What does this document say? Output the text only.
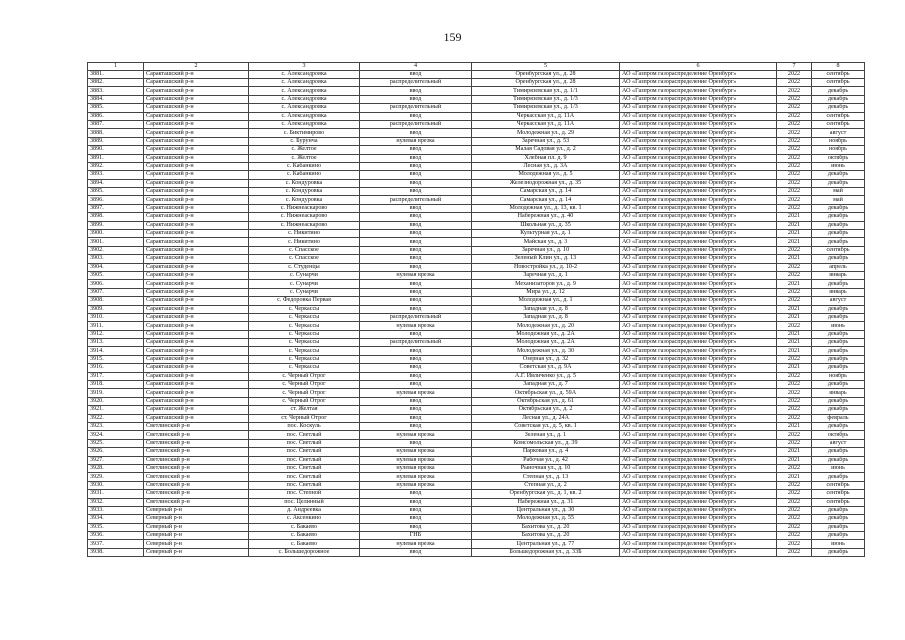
159
1	2	3	4	5	6	7	8
3881.	Саракташский р-н	с. Александровка	ввод	Оренбургская ул., д. 28	АО «Газпром газораспределение Оренбург»	2022	сентябрь
3882.	Саракташский р-н	с. Александровка	распределительный	Оренбургская ул., д. 28	АО «Газпром газораспределение Оренбург»	2022	сентябрь
3883.	Саракташский р-н	с. Александровка	ввод	Тимирязевская ул., д. 1/1	АО «Газпром газораспределение Оренбург»	2022	декабрь
3884.	Саракташский р-н	с. Александровка	ввод	Тимирязевская ул., д. 1/3	АО «Газпром газораспределение Оренбург»	2022	декабрь
3885.	Саракташский р-н	с. Александровка	распределительный	Тимирязевская ул., д. 1/3	АО «Газпром газораспределение Оренбург»	2022	декабрь
3886.	Саракташский р-н	с. Александровка	ввод	Черкасская ул., д. 11А	АО «Газпром газораспределение Оренбург»	2022	сентябрь
3887.	Саракташский р-н	с. Александровка	распределительный	Черкасская ул., д. 11А	АО «Газпром газораспределение Оренбург»	2022	сентябрь
3888.	Саракташский р-н	с. Биктимирово	ввод	Молодежная ул., д. 29	АО «Газпром газораспределение Оренбург»	2022	август
3889.	Саракташский р-н	с. Бурунча	нулевая врезка	Заречная ул., д. 53	АО «Газпром газораспределение Оренбург»	2022	ноябрь
3890.	Саракташский р-н	с. Желтое	ввод	Малая Садовая ул., д. 2	АО «Газпром газораспределение Оренбург»	2022	ноябрь
3891.	Саракташский р-н	с. Желтое	ввод	Хлебная пл. д. 9	АО «Газпром газораспределение Оренбург»	2022	октябрь
3892.	Саракташский р-н	с. Кабанкино	ввод	Лесная ул., д. 3А	АО «Газпром газораспределение Оренбург»	2022	июнь
3893.	Саракташский р-н	с. Кабанкино	ввод	Молодежная ул., д. 5	АО «Газпром газораспределение Оренбург»	2022	декабрь
3894.	Саракташский р-н	с. Кондуровка	ввод	Железнодорожная ул., д. 35	АО «Газпром газораспределение Оренбург»	2022	декабрь
3895.	Саракташский р-н	с. Кондуровка	ввод	Самарская ул., д. 14	АО «Газпром газораспределение Оренбург»	2022	май
3896.	Саракташский р-н	с. Кондуровка	распределительный	Самарская ул., д. 14	АО «Газпром газораспределение Оренбург»	2022	май
3897.	Саракташский р-н	с. Нижнеаскарово	ввод	Молодежная ул., д. 13, кв. 1	АО «Газпром газораспределение Оренбург»	2022	декабрь
3898.	Саракташский р-н	с. Нижнеаскарово	ввод	Набережная ул., д. 40	АО «Газпром газораспределение Оренбург»	2021	декабрь
3899.	Саракташский р-н	с. Нижнеаскарово	ввод	Школьная ул., д. 35	АО «Газпром газораспределение Оренбург»	2021	декабрь
3900.	Саракташский р-н	с. Никитино	ввод	Культурная ул., д. 1	АО «Газпром газораспределение Оренбург»	2021	декабрь
3901.	Саракташский р-н	с. Никитино	ввод	Майская ул., д. 3	АО «Газпром газораспределение Оренбург»	2021	декабрь
3902.	Саракташский р-н	с. Спасское	ввод	Заречная ул., д. 10	АО «Газпром газораспределение Оренбург»	2022	сентябрь
3903.	Саракташский р-н	с. Спасское	ввод	Зеленый Клин ул., д. 13	АО «Газпром газораспределение Оренбург»	2021	декабрь
3904.	Саракташский р-н	с. Студенцы	ввод	Новостройка ул., д. 10-2	АО «Газпром газораспределение Оренбург»	2022	апрель
3905.	Саракташский р-н	с. Сунарчи	нулевая врезка	Заречная ул., д. 1	АО «Газпром газораспределение Оренбург»	2022	январь
3906.	Саракташский р-н	с. Сунарчи	ввод	Механизаторов ул., д. 9	АО «Газпром газораспределение Оренбург»	2021	декабрь
3907.	Саракташский р-н	с. Сунарчи	ввод	Мира ул., д. 12	АО «Газпром газораспределение Оренбург»	2022	январь
3908.	Саракташский р-н	с. Федоровка Первая	ввод	Молодежная ул., д. 1	АО «Газпром газораспределение Оренбург»	2022	август
3909.	Саракташский р-н	с. Черкассы	ввод	Западная ул., д. 8	АО «Газпром газораспределение Оренбург»	2021	декабрь
3910.	Саракташский р-н	с. Черкассы	распределительный	Западная ул., д. 8	АО «Газпром газораспределение Оренбург»	2021	декабрь
3911.	Саракташский р-н	с. Черкассы	нулевая врезка	Молодежная ул., д. 20	АО «Газпром газораспределение Оренбург»	2022	июнь
3912.	Саракташский р-н	с. Черкассы	ввод	Молодежная ул., д. 2А	АО «Газпром газораспределение Оренбург»	2021	декабрь
3913.	Саракташский р-н	с. Черкассы	распределительный	Молодежная ул., д. 2А	АО «Газпром газораспределение Оренбург»	2021	декабрь
3914.	Саракташский р-н	с. Черкассы	ввод	Молодежная ул., д. 30	АО «Газпром газораспределение Оренбург»	2021	декабрь
3915.	Саракташский р-н	с. Черкассы	ввод	Озерная ул., д. 32	АО «Газпром газораспределение Оренбург»	2022	декабрь
3916.	Саракташский р-н	с. Черкассы	ввод	Советская ул., д. 9А	АО «Газпром газораспределение Оренбург»	2021	декабрь
3917.	Саракташский р-н	с. Черный Отрог	ввод	А.Г. Ивличенко ул., д. 5	АО «Газпром газораспределение Оренбург»	2022	ноябрь
3918.	Саракташский р-н	с. Черный Отрог	ввод	Западная ул., д. 7	АО «Газпром газораспределение Оренбург»	2022	декабрь
3919.	Саракташский р-н	с. Черный Отрог	нулевая врезка	Октябрьская ул., д. 59А	АО «Газпром газораспределение Оренбург»	2022	январь
3920.	Саракташский р-н	с. Черный Отрог	ввод	Октябрьская ул., д. 61	АО «Газпром газораспределение Оренбург»	2022	декабрь
3921.	Саракташский р-н	ст. Желтая	ввод	Октябрьская ул., д. 2	АО «Газпром газораспределение Оренбург»	2022	декабрь
3922.	Саракташский р-н	ст. Черный Отрог	ввод	Лесная ул., д. 24А	АО «Газпром газораспределение Оренбург»	2022	февраль
3923.	Светлинский р-н	пос. Коскуль	ввод	Советская ул., д. 5, кв. 1	АО «Газпром газораспределение Оренбург»	2021	декабрь
3924.	Светлинский р-н	пос. Светлый	нулевая врезка	Зеленая ул., д. 1	АО «Газпром газораспределение Оренбург»	2022	октябрь
3925.	Светлинский р-н	пос. Светлый	ввод	Комсомольская ул., д. 39	АО «Газпром газораспределение Оренбург»	2022	август
3926.	Светлинский р-н	пос. Светлый	нулевая врезка	Парковая ул., д. 4	АО «Газпром газораспределение Оренбург»	2021	декабрь
3927.	Светлинский р-н	пос. Светлый	нулевая врезка	Рабочая ул., д. 42	АО «Газпром газораспределение Оренбург»	2021	декабрь
3928.	Светлинский р-н	пос. Светлый	нулевая врезка	Рыночная ул., д. 10	АО «Газпром газораспределение Оренбург»	2022	июнь
3929.	Светлинский р-н	пос. Светлый	нулевая врезка	Степная ул., д. 13	АО «Газпром газораспределение Оренбург»	2021	декабрь
3930.	Светлинский р-н	пос. Светлый	нулевая врезка	Степная ул., д. 2	АО «Газпром газораспределение Оренбург»	2022	сентябрь
3931.	Светлинский р-н	пос. Степной	ввод	Оренбургская ул., д. 1, кв. 2	АО «Газпром газораспределение Оренбург»	2022	сентябрь
3932.	Светлинский р-н	пос. Целинный	ввод	Набережная ул., д. 31	АО «Газпром газораспределение Оренбург»	2022	сентябрь
3933.	Северный р-н	д. Андреевка	ввод	Центральная ул., д. 30	АО «Газпром газораспределение Оренбург»	2022	декабрь
3934.	Северный р-н	с. Аксенкино	ввод	Молодежная ул., д. 55	АО «Газпром газораспределение Оренбург»	2022	декабрь
3935.	Северный р-н	с. Бакаево	ввод	Бахитова ул., д. 20	АО «Газпром газораспределение Оренбург»	2022	декабрь
3936.	Северный р-н	с. Бакаево	ГНБ	Бахитова ул., д. 20	АО «Газпром газораспределение Оренбург»	2022	декабрь
3937.	Северный р-н	с. Бакаево	нулевая врезка	Центральная ул., д. 77	АО «Газпром газораспределение Оренбург»	2022	июнь
3938.	Северный р-н	с. Большедорожное	ввод	Большедорожная ул., д. 33Б	АО «Газпром газораспределение Оренбург»	2022	декабрь
